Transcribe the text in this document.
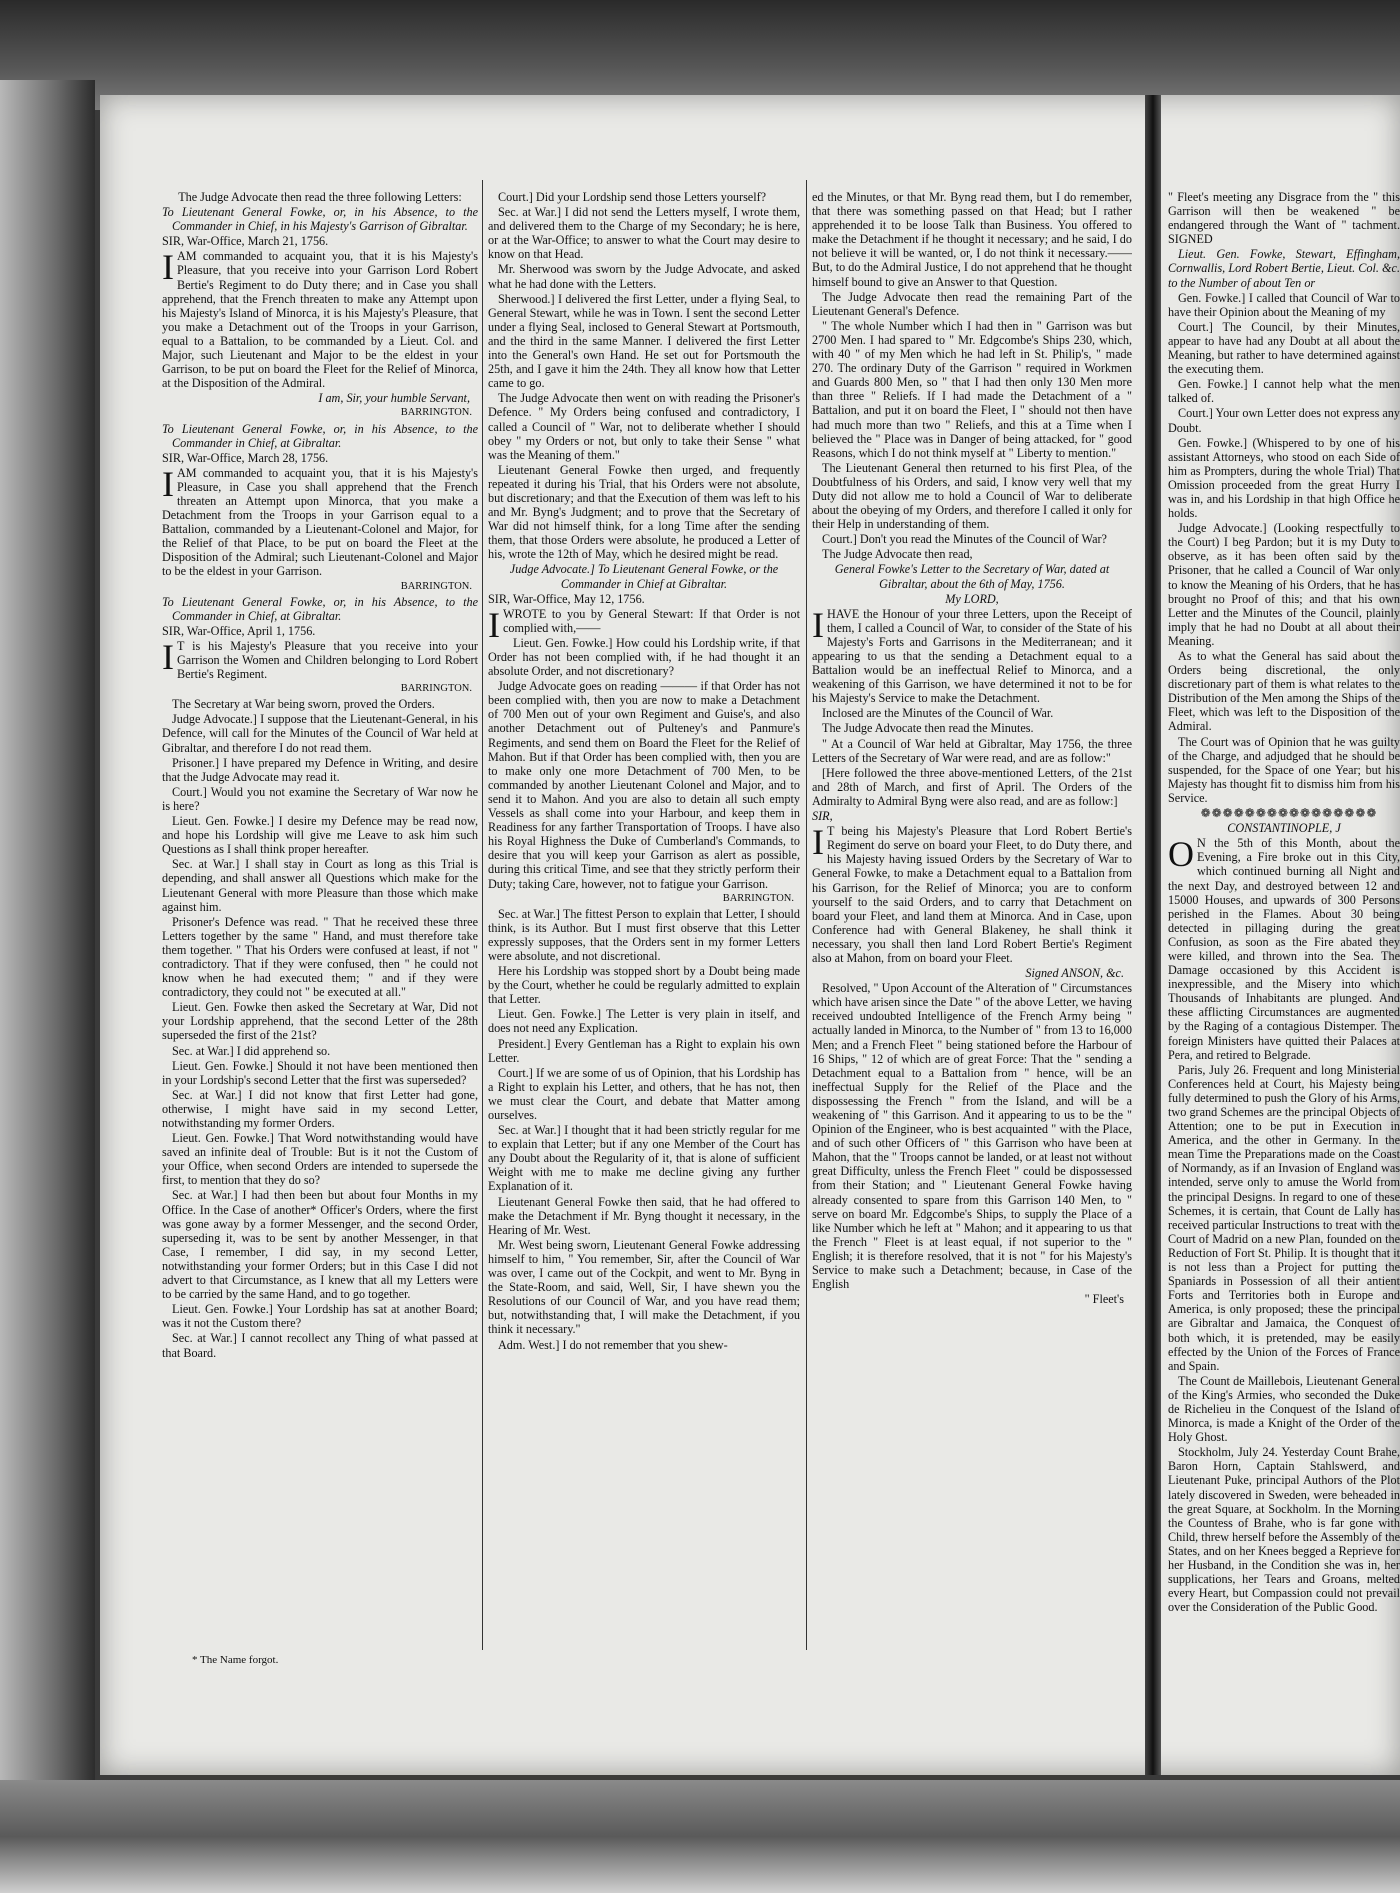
The Judge Advocate then read the three following Letters:

To Lieutenant General Fowke, or, in his Absence, to the Commander in Chief, in his Majesty's Garrison of Gibraltar.

SIR, War-Office, March 21, 1756.

IAM commanded to acquaint you, that it is his Majesty's Pleasure, that you receive into your Garrison Lord Robert Bertie's Regiment to do Duty there; and in Case you shall apprehend, that the French threaten to make any Attempt upon his Majesty's Island of Minorca, it is his Majesty's Pleasure, that you make a Detachment out of the Troops in your Garrison, equal to a Battalion, to be commanded by a Lieut. Col. and Major, such Lieutenant and Major to be the eldest in your Garrison, to be put on board the Fleet for the Relief of Minorca, at the Disposition of the Admiral.

I am, Sir, your humble Servant,

BARRINGTON.

To Lieutenant General Fowke, or, in his Absence, to the Commander in Chief, at Gibraltar.

SIR, War-Office, March 28, 1756.

IAM commanded to acquaint you, that it is his Majesty's Pleasure, in Case you shall apprehend that the French threaten an Attempt upon Minorca, that you make a Detachment from the Troops in your Garrison equal to a Battalion, commanded by a Lieutenant-Colonel and Major, for the Relief of that Place, to be put on board the Fleet at the Disposition of the Admiral; such Lieutenant-Colonel and Major to be the eldest in your Garrison.

BARRINGTON.

To Lieutenant General Fowke, or, in his Absence, to the Commander in Chief, at Gibraltar.

SIR, War-Office, April 1, 1756.

I T is his Majesty's Pleasure that you receive into your Garrison the Women and Children belonging to Lord Robert Bertie's Regiment.

BARRINGTON.

The Secretary at War being sworn, proved the Orders.

Judge Advocate.] I suppose that the Lieutenant-General, in his Defence, will call for the Minutes of the Council of War held at Gibraltar, and therefore I do not read them.

Prisoner.] I have prepared my Defence in Writing, and desire that the Judge Advocate may read it.

Court.] Would you not examine the Secretary of War now he is here?

Lieut. Gen. Fowke.] I desire my Defence may be read now, and hope his Lordship will give me Leave to ask him such Questions as I shall think proper hereafter.

Sec. at War.] I shall stay in Court as long as this Trial is depending, and shall answer all Questions which make for the Lieutenant General with more Pleasure than those which make against him.

Prisoner's Defence was read. " That he received these three Letters together by the same " Hand, and must therefore take them together. " That his Orders were confused at least, if not " contradictory. That if they were confused, then " he could not know when he had executed them; " and if they were contradictory, they could not " be executed at all."

Lieut. Gen. Fowke then asked the Secretary at War, Did not your Lordship apprehend, that the second Letter of the 28th superseded the first of the 21st?

Sec. at War.] I did apprehend so.

Lieut. Gen. Fowke.] Should it not have been mentioned then in your Lordship's second Letter that the first was superseded?

Sec. at War.] I did not know that first Letter had gone, otherwise, I might have said in my second Letter, notwithstanding my former Orders.

Lieut. Gen. Fowke.] That Word notwithstanding would have saved an infinite deal of Trouble: But is it not the Custom of your Office, when second Orders are intended to supersede the first, to mention that they do so?

Sec. at War.] I had then been but about four Months in my Office. In the Case of another* Officer's Orders, where the first was gone away by a former Messenger, and the second Order, superseding it, was to be sent by another Messenger, in that Case, I remember, I did say, in my second Letter, notwithstanding your former Orders; but in this Case I did not advert to that Circumstance, as I knew that all my Letters were to be carried by the same Hand, and to go together.

Lieut. Gen. Fowke.] Your Lordship has sat at another Board; was it not the Custom there?

Sec. at War.] I cannot recollect any Thing of what passed at that Board.

* The Name forgot.

Court.] Did your Lordship send those Letters yourself?

Sec. at War.] I did not send the Letters myself, I wrote them, and delivered them to the Charge of my Secondary; he is here, or at the War-Office; to answer to what the Court may desire to know on that Head.

Mr. Sherwood was sworn by the Judge Advocate, and asked what he had done with the Letters.

Sherwood.] I delivered the first Letter, under a flying Seal, to General Stewart, while he was in Town. I sent the second Letter under a flying Seal, inclosed to General Stewart at Portsmouth, and the third in the same Manner. I delivered the first Letter into the General's own Hand. He set out for Portsmouth the 25th, and I gave it him the 24th. They all know how that Letter came to go.

The Judge Advocate then went on with reading the Prisoner's Defence. " My Orders being confused and contradictory, I called a Council of " War, not to deliberate whether I should obey " my Orders or not, but only to take their Sense " what was the Meaning of them."

Lieutenant General Fowke then urged, and frequently repeated it during his Trial, that his Orders were not absolute, but discretionary; and that the Execution of them was left to his and Mr. Byng's Judgment; and to prove that the Secretary of War did not himself think, for a long Time after the sending them, that those Orders were absolute, he produced a Letter of his, wrote the 12th of May, which he desired might be read.

Judge Advocate.] To Lieutenant General Fowke, or the Commander in Chief at Gibraltar.

SIR, War-Office, May 12, 1756.

IWROTE to you by General Stewart: If that Order is not complied with,——

Lieut. Gen. Fowke.] How could his Lordship write, if that Order has not been complied with, if he had thought it an absolute Order, and not discretionary?

Judge Advocate goes on reading ——— if that Order has not been complied with, then you are now to make a Detachment of 700 Men out of your own Regiment and Guise's, and also another Detachment out of Pulteney's and Panmure's Regiments, and send them on Board the Fleet for the Relief of Mahon. But if that Order has been complied with, then you are to make only one more Detachment of 700 Men, to be commanded by another Lieutenant Colonel and Major, and to send it to Mahon. And you are also to detain all such empty Vessels as shall come into your Harbour, and keep them in Readiness for any farther Transportation of Troops. I have also his Royal Highness the Duke of Cumberland's Commands, to desire that you will keep your Garrison as alert as possible, during this critical Time, and see that they strictly perform their Duty; taking Care, however, not to fatigue your Garrison.

BARRINGTON.

Sec. at War.] The fittest Person to explain that Letter, I should think, is its Author. But I must first observe that this Letter expressly supposes, that the Orders sent in my former Letters were absolute, and not discretional.

Here his Lordship was stopped short by a Doubt being made by the Court, whether he could be regularly admitted to explain that Letter.

Lieut. Gen. Fowke.] The Letter is very plain in itself, and does not need any Explication.

President.] Every Gentleman has a Right to explain his own Letter.

Court.] If we are some of us of Opinion, that his Lordship has a Right to explain his Letter, and others, that he has not, then we must clear the Court, and debate that Matter among ourselves.

Sec. at War.] I thought that it had been strictly regular for me to explain that Letter; but if any one Member of the Court has any Doubt about the Regularity of it, that is alone of sufficient Weight with me to make me decline giving any further Explanation of it.

Lieutenant General Fowke then said, that he had offered to make the Detachment if Mr. Byng thought it necessary, in the Hearing of Mr. West.

Mr. West being sworn, Lieutenant General Fowke addressing himself to him, " You remember, Sir, after the Council of War was over, I came out of the Cockpit, and went to Mr. Byng in the State-Room, and said, Well, Sir, I have shewn you the Resolutions of our Council of War, and you have read them; but, notwithstanding that, I will make the Detachment, if you think it necessary."

Adm. West.] I do not remember that you shew-

ed the Minutes, or that Mr. Byng read them, but I do remember, that there was something passed on that Head; but I rather apprehended it to be loose Talk than Business. You offered to make the Detachment if he thought it necessary; and he said, I do not believe it will be wanted, or, I do not think it necessary.——But, to do the Admiral Justice, I do not apprehend that he thought himself bound to give an Answer to that Question.

The Judge Advocate then read the remaining Part of the Lieutenant General's Defence.

" The whole Number which I had then in " Garrison was but 2700 Men. I had spared to " Mr. Edgcombe's Ships 230, which, with 40 " of my Men which he had left in St. Philip's, " made 270. The ordinary Duty of the Garrison " required in Workmen and Guards 800 Men, so " that I had then only 130 Men more than three " Reliefs. If I had made the Detachment of a " Battalion, and put it on board the Fleet, I " should not then have had much more than two " Reliefs, and this at a Time when I believed the " Place was in Danger of being attacked, for " good Reasons, which I do not think myself at " Liberty to mention."

The Lieutenant General then returned to his first Plea, of the Doubtfulness of his Orders, and said, I know very well that my Duty did not allow me to hold a Council of War to deliberate about the obeying of my Orders, and therefore I called it only for their Help in understanding of them.

Court.] Don't you read the Minutes of the Council of War?

The Judge Advocate then read,

General Fowke's Letter to the Secretary of War, dated at Gibraltar, about the 6th of May, 1756.

My LORD,

IHAVE the Honour of your three Letters, upon the Receipt of them, I called a Council of War, to consider of the State of his Majesty's Forts and Garrisons in the Mediterranean; and it appearing to us that the sending a Detachment equal to a Battalion would be an ineffectual Relief to Minorca, and a weakening of this Garrison, we have determined it not to be for his Majesty's Service to make the Detachment.

Inclosed are the Minutes of the Council of War.

The Judge Advocate then read the Minutes.

" At a Council of War held at Gibraltar, May 1756, the three Letters of the Secretary of War were read, and are as follow:"

[Here followed the three above-mentioned Letters, of the 21st and 28th of March, and first of April. The Orders of the Admiralty to Admiral Byng were also read, and are as follow:]

SIR,

I T being his Majesty's Pleasure that Lord Robert Bertie's Regiment do serve on board your Fleet, to do Duty there, and his Majesty having issued Orders by the Secretary of War to General Fowke, to make a Detachment equal to a Battalion from his Garrison, for the Relief of Minorca; you are to conform yourself to the said Orders, and to carry that Detachment on board your Fleet, and land them at Minorca. And in Case, upon Conference had with General Blakeney, he shall think it necessary, you shall then land Lord Robert Bertie's Regiment also at Mahon, from on board your Fleet.

Signed ANSON, &c.

Resolved, " Upon Account of the Alteration of " Circumstances which have arisen since the Date " of the above Letter, we having received undoubted Intelligence of the French Army being " actually landed in Minorca, to the Number of " from 13 to 16,000 Men; and a French Fleet " being stationed before the Harbour of 16 Ships, " 12 of which are of great Force: That the " sending a Detachment equal to a Battalion from " hence, will be an ineffectual Supply for the Relief of the Place and the dispossessing the French " from the Island, and will be a weakening of " this Garrison. And it appearing to us to be the " Opinion of the Engineer, who is best acquainted " with the Place, and of such other Officers of " this Garrison who have been at Mahon, that the " Troops cannot be landed, or at least not without great Difficulty, unless the French Fleet " could be dispossessed from their Station; and " Lieutenant General Fowke having already consented to spare from this Garrison 140 Men, to " serve on board Mr. Edgcombe's Ships, to supply the Place of a like Number which he left at " Mahon; and it appearing to us that the French " Fleet is at least equal, if not superior to the " English; it is therefore resolved, that it is not " for his Majesty's Service to make such a Detachment; because, in Case of the English

" Fleet's

" Fleet's meeting any Disgrace from the " this Garrison will then be weakened " be endangered through the Want of " tachment. SIGNED

Lieut. Gen. Fowke, Stewart, Effingham, Cornwallis, Lord Robert Bertie, Lieut. Col. &c. to the Number of about Ten or

Gen. Fowke.] I called that Council of War to have their Opinion about the Meaning of my

Court.] The Council, by their Minutes, appear to have had any Doubt at all about the Meaning, but rather to have determined against the executing them.

Gen. Fowke.] I cannot help what the men talked of.

Court.] Your own Letter does not express any Doubt.

Gen. Fowke.] (Whispered to by one of his assistant Attorneys, who stood on each Side of him as Prompters, during the whole Trial) That Omission proceeded from the great Hurry I was in, and his Lordship in that high Office he holds.

Judge Advocate.] (Looking respectfully to the Court) I beg Pardon; but it is my Duty to observe, as it has been often said by the Prisoner, that he called a Council of War only to know the Meaning of his Orders, that he has brought no Proof of this; and that his own Letter and the Minutes of the Council, plainly imply that he had no Doubt at all about their Meaning.

As to what the General has said about the Orders being discretional, the only discretionary part of them is what relates to the Distribution of the Men among the Ships of the Fleet, which was left to the Disposition of the Admiral.

The Court was of Opinion that he was guilty of the Charge, and adjudged that he should be suspended, for the Space of one Year; but his Majesty has thought fit to dismiss him from his Service.

❁❁❁❁❁❁❁❁❁❁❁❁❁❁❁❁

CONSTANTINOPLE, J

O N the 5th of this Month, about the Evening, a Fire broke out in this City, which continued burning all Night and the next Day, and destroyed between 12 and 15000 Houses, and upwards of 300 Persons perished in the Flames. About 30 being detected in pillaging during the great Confusion, as soon as the Fire abated they were killed, and thrown into the Sea. The Damage occasioned by this Accident is inexpressible, and the Misery into which Thousands of Inhabitants are plunged. And these afflicting Circumstances are augmented by the Raging of a contagious Distemper. The foreign Ministers have quitted their Palaces at Pera, and retired to Belgrade.

Paris, July 26. Frequent and long Ministerial Conferences held at Court, his Majesty being fully determined to push the Glory of his Arms, two grand Schemes are the principal Objects of Attention; one to be put in Execution in America, and the other in Germany. In the mean Time the Preparations made on the Coast of Normandy, as if an Invasion of England was intended, serve only to amuse the World from the principal Designs. In regard to one of these Schemes, it is certain, that Count de Lally has received particular Instructions to treat with the Court of Madrid on a new Plan, founded on the Reduction of Fort St. Philip. It is thought that it is not less than a Project for putting the Spaniards in Possession of all their antient Forts and Territories both in Europe and America, is only proposed; these the principal are Gibraltar and Jamaica, the Conquest of both which, it is pretended, may be easily effected by the Union of the Forces of France and Spain.

The Count de Maillebois, Lieutenant General of the King's Armies, who seconded the Duke de Richelieu in the Conquest of the Island of Minorca, is made a Knight of the Order of the Holy Ghost.

Stockholm, July 24. Yesterday Count Brahe, Baron Horn, Captain Stahlswerd, and Lieutenant Puke, principal Authors of the Plot lately discovered in Sweden, were beheaded in the great Square, at Sockholm. In the Morning the Countess of Brahe, who is far gone with Child, threw herself before the Assembly of the States, and on her Knees begged a Reprieve for her Husband, in the Condition she was in, her supplications, her Tears and Groans, melted every Heart, but Compassion could not prevail over the Consideration of the Public Good.
